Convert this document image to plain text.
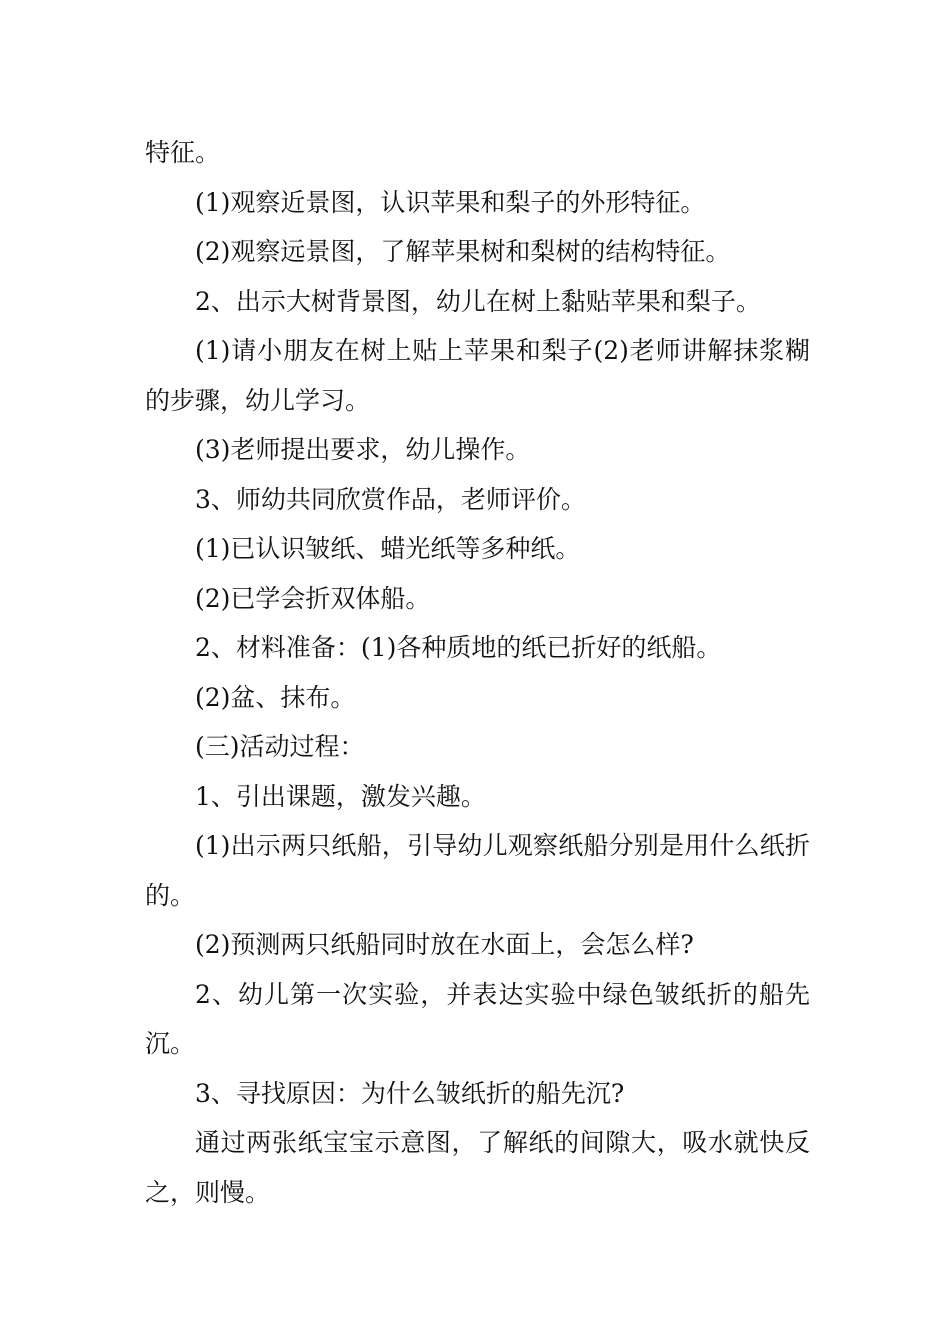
特征。

(1)观察近景图，认识苹果和梨子的外形特征。

(2)观察远景图，了解苹果树和梨树的结构特征。

2、出示大树背景图，幼儿在树上黏贴苹果和梨子。

(1)请小朋友在树上贴上苹果和梨子(2)老师讲解抹浆糊的步骤，幼儿学习。

(3)老师提出要求，幼儿操作。

3、师幼共同欣赏作品，老师评价。

(1)已认识皱纸、蜡光纸等多种纸。

(2)已学会折双体船。

2、材料准备：(1)各种质地的纸已折好的纸船。

(2)盆、抹布。

(三)活动过程：

1、引出课题，激发兴趣。

(1)出示两只纸船，引导幼儿观察纸船分别是用什么纸折的。

(2)预测两只纸船同时放在水面上，会怎么样?

2、幼儿第一次实验，并表达实验中绿色皱纸折的船先沉。

3、寻找原因：为什么皱纸折的船先沉?

通过两张纸宝宝示意图，了解纸的间隙大，吸水就快反之，则慢。
